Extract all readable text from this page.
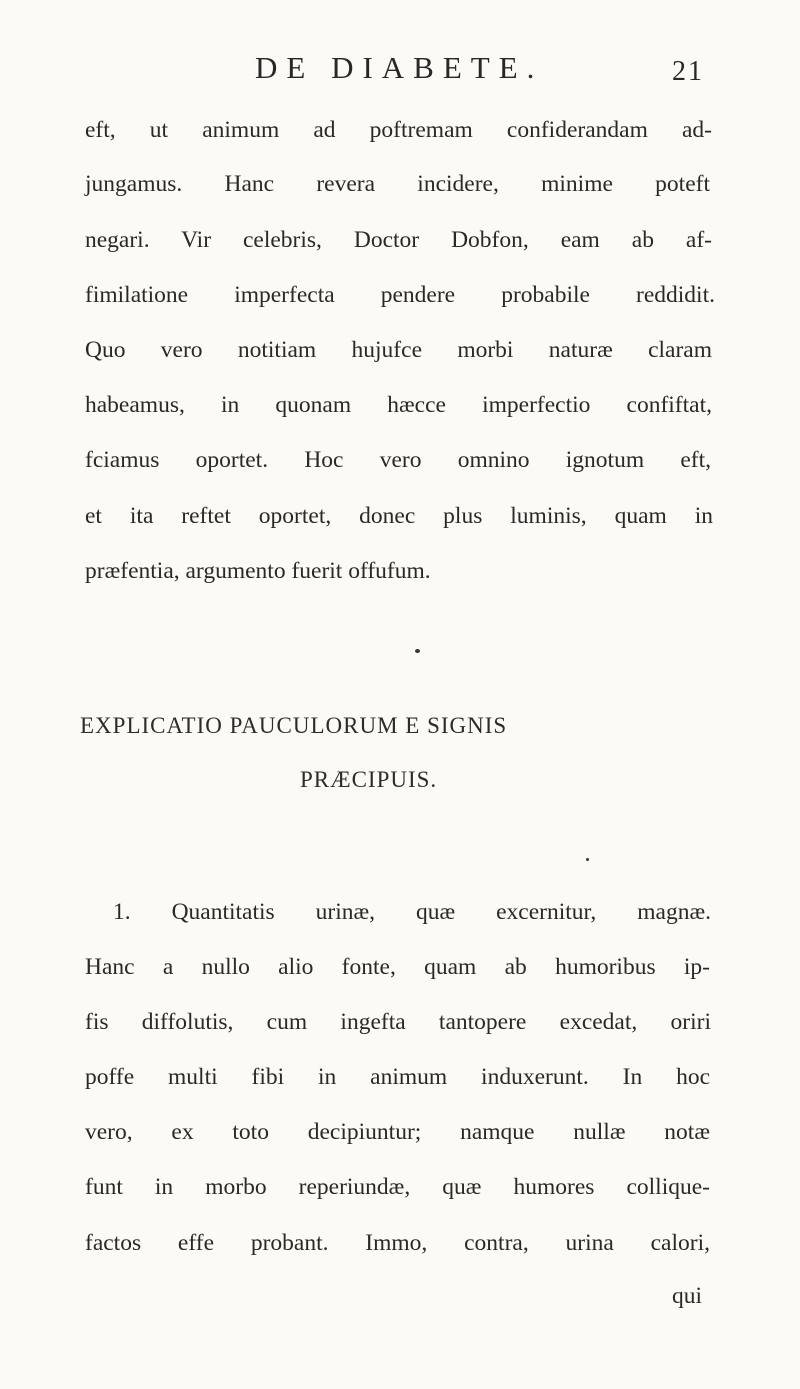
DE DIABETE.	21
eft, ut animum ad poftremam confiderandam ad-
jungamus. Hanc revera incidere, minime poteft
negari. Vir celebris, Doctor Dobfon, eam ab af-
fimilatione imperfecta pendere probabile reddidit.
Quo vero notitiam hujufce morbi naturæ claram
habeamus, in quonam hæcce imperfectio confiftat,
fciamus oportet. Hoc vero omnino ignotum eft,
et ita reftet oportet, donec plus luminis, quam in
præfentia, argumento fuerit offufum.
EXPLICATIO PAUCULORUM E SIGNIS
PRÆCIPUIS.
1. Quantitatis urinæ, quæ excernitur, magnæ.
Hanc a nullo alio fonte, quam ab humoribus ip-
fis diffolutis, cum ingefta tantopere excedat, oriri
poffe multi fibi in animum induxerunt. In hoc
vero, ex toto decipiuntur; namque nullæ notæ
funt in morbo reperiundæ, quæ humores collique-
factos effe probant. Immo, contra, urina calori,
qui
